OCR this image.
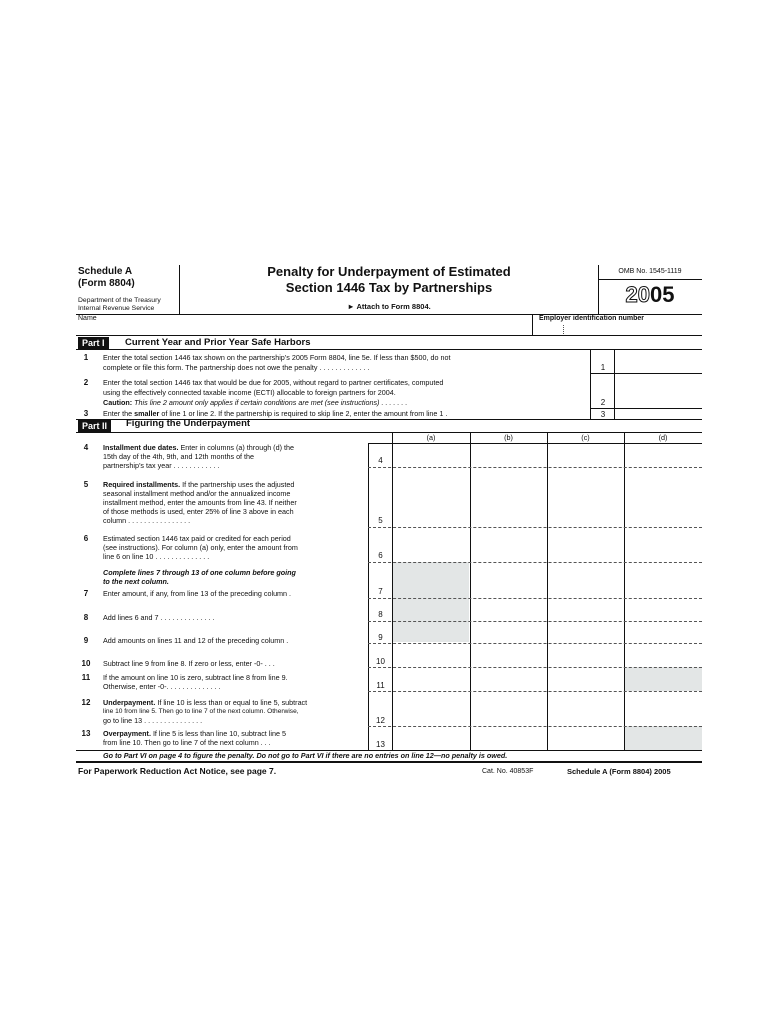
Schedule A
(Form 8804)
Department of the Treasury
Internal Revenue Service
Penalty for Underpayment of Estimated
Section 1446 Tax by Partnerships
► Attach to Form 8804.
OMB No. 1545-1119
2005
Name	Employer identification number
Part I	Current Year and Prior Year Safe Harbors
1	Enter the total section 1446 tax shown on the partnership’s 2005 Form 8804, line 5e. If less than $500, do not
complete or file this form. The partnership does not owe the penalty . . . . . . . . . . . . .	1
2	Enter the total section 1446 tax that would be due for 2005, without regard to partner certificates, computed
using the effectively connected taxable income (ECTI) allocable to foreign partners for 2004.
Caution: This line 2 amount only applies if certain conditions are met (see instructions) . . . . . . .	2
3	Enter the smaller of line 1 or line 2. If the partnership is required to skip line 2, enter the amount from line 1 .	3
Part II	Figuring the Underpayment
(a)	(b)	(c)	(d)
4	Installment due dates. Enter in columns (a) through (d) the
15th day of the 4th, 9th, and 12th months of the
partnership’s tax year . . . . . . . . . . . .
4
5	Required installments. If the partnership uses the adjusted
seasonal installment method and/or the annualized income
installment method, enter the amounts from line 43. If neither
of those methods is used, enter 25% of line 3 above in each
column . . . . . . . . . . . . . . . .	5
6	Estimated section 1446 tax paid or credited for each period
(see instructions). For column (a) only, enter the amount from
line 6 on line 10 . . . . . . . . . . . . . .	6
Complete lines 7 through 13 of one column before going
to the next column.
7	Enter amount, if any, from line 13 of the preceding column .	7
8	Add lines 6 and 7 . . . . . . . . . . . . . .	8
9	Add amounts on lines 11 and 12 of the preceding column .	9
10	Subtract line 9 from line 8. If zero or less, enter -0- . . .	10
11	If the amount on line 10 is zero, subtract line 8 from line 9.
Otherwise, enter -0-. . . . . . . . . . . . . .	11
12	Underpayment. If line 10 is less than or equal to line 5, subtract
line 10 from line 5. Then go to line 7 of the next column. Otherwise,
go to line 13 . . . . . . . . . . . . . . .	12
13	Overpayment. If line 5 is less than line 10, subtract line 5
from line 10. Then go to line 7 of the next column . . .	13
Go to Part VI on page 4 to figure the penalty. Do not go to Part VI if there are no entries on line 12—no penalty is owed.
For Paperwork Reduction Act Notice, see page 7.	Cat. No. 40853F	Schedule A (Form 8804) 2005
